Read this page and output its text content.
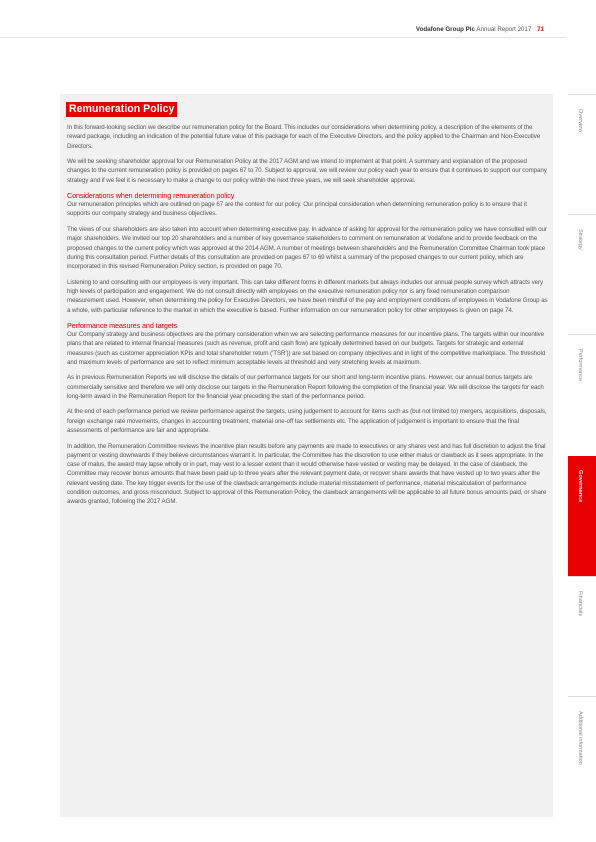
Vodafone Group Plc Annual Report 2017 71
Remuneration Policy

In this forward-looking section we describe our remuneration policy for the Board. This includes our considerations when determining policy, a description of the elements of the reward package, including an indication of the potential future value of this package for each of the Executive Directors, and the policy applied to the Chairman and Non-Executive Directors.

We will be seeking shareholder approval for our Remuneration Policy at the 2017 AGM and we intend to implement at that point. A summary and explanation of the proposed changes to the current remuneration policy is provided on pages 67 to 70. Subject to approval, we will review our policy each year to ensure that it continues to support our company strategy and if we feel it is necessary to make a change to our policy within the next three years, we will seek shareholder approval.

Considerations when determining remuneration policy

Our remuneration principles which are outlined on page 67 are the context for our policy. Our principal consideration when determining remuneration policy is to ensure that it supports our company strategy and business objectives.

The views of our shareholders are also taken into account when determining executive pay. In advance of asking for approval for the remuneration policy we have consulted with our major shareholders. We invited our top 20 shareholders and a number of key governance stakeholders to comment on remuneration at Vodafone and to provide feedback on the proposed changes to the current policy which was approved at the 2014 AGM. A number of meetings between shareholders and the Remuneration Committee Chairman took place during this consultation period. Further details of this consultation are provided on pages 67 to 69 whilst a summary of the proposed changes to our current policy, which are incorporated in this revised Remuneration Policy section, is provided on page 70.

Listening to and consulting with our employees is very important. This can take different forms in different markets but always includes our annual people survey which attracts very high levels of participation and engagement. We do not consult directly with employees on the executive remuneration policy nor is any fixed remuneration comparison measurement used. However, when determining the policy for Executive Directors, we have been mindful of the pay and employment conditions of employees in Vodafone Group as a whole, with particular reference to the market in which the executive is based. Further information on our remuneration policy for other employees is given on page 74.

Performance measures and targets

Our Company strategy and business objectives are the primary consideration when we are selecting performance measures for our incentive plans. The targets within our incentive plans that are related to internal financial measures (such as revenue, profit and cash flow) are typically determined based on our budgets. Targets for strategic and external measures (such as customer appreciation KPIs and total shareholder return ('TSR')) are set based on company objectives and in light of the competitive marketplace. The threshold and maximum levels of performance are set to reflect minimum acceptable levels at threshold and very stretching levels at maximum.

As in previous Remuneration Reports we will disclose the details of our performance targets for our short and long-term incentive plans. However, our annual bonus targets are commercially sensitive and therefore we will only disclose our targets in the Remuneration Report following the completion of the financial year. We will disclose the targets for each long-term award in the Remuneration Report for the financial year preceding the start of the performance period.

At the end of each performance period we review performance against the targets, using judgement to account for items such as (but not limited to) mergers, acquisitions, disposals, foreign exchange rate movements, changes in accounting treatment, material one-off tax settlements etc. The application of judgement is important to ensure that the final assessments of performance are fair and appropriate.

In addition, the Remuneration Committee reviews the incentive plan results before any payments are made to executives or any shares vest and has full discretion to adjust the final payment or vesting downwards if they believe circumstances warrant it. In particular, the Committee has the discretion to use either malus or clawback as it sees appropriate. In the case of malus, the award may lapse wholly or in part, may vest to a lesser extent than it would otherwise have vested or vesting may be delayed. In the case of clawback, the Committee may recover bonus amounts that have been paid up to three years after the relevant payment date, or recover share awards that have vested up to two years after the relevant vesting date. The key trigger events for the use of the clawback arrangements include material misstatement of performance, material miscalculation of performance condition outcomes, and gross misconduct. Subject to approval of this Remuneration Policy, the clawback arrangements will be applicable to all future bonus amounts paid, or share awards granted, following the 2017 AGM.

Overview
Strategy
Performance
Governance
Financials
Additional information
